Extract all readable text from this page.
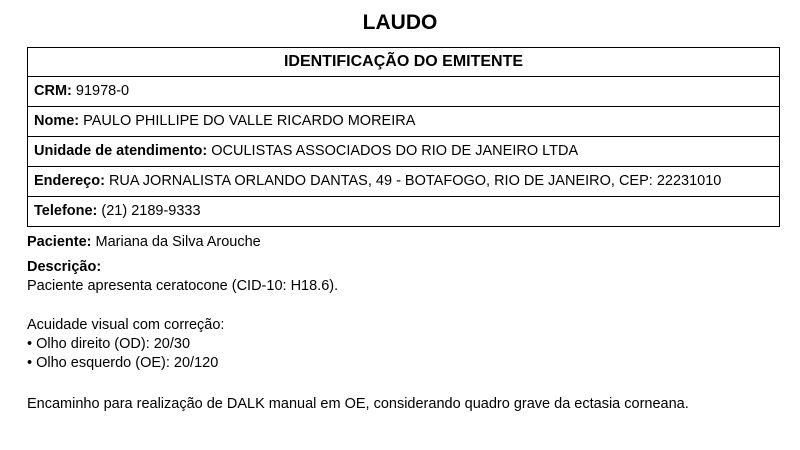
LAUDO
IDENTIFICAÇÃO DO EMITENTE
CRM: 91978-0
Nome: PAULO PHILLIPE DO VALLE RICARDO MOREIRA
Unidade de atendimento: OCULISTAS ASSOCIADOS DO RIO DE JANEIRO LTDA
Endereço: RUA JORNALISTA ORLANDO DANTAS, 49 - BOTAFOGO, RIO DE JANEIRO, CEP: 22231010
Telefone: (21) 2189-9333
Paciente: Mariana da Silva Arouche
Descrição:
Paciente apresenta ceratocone (CID-10: H18.6).
Acuidade visual com correção:
• Olho direito (OD): 20/30
• Olho esquerdo (OE): 20/120
Encaminho para realização de DALK manual em OE, considerando quadro grave da ectasia corneana.
